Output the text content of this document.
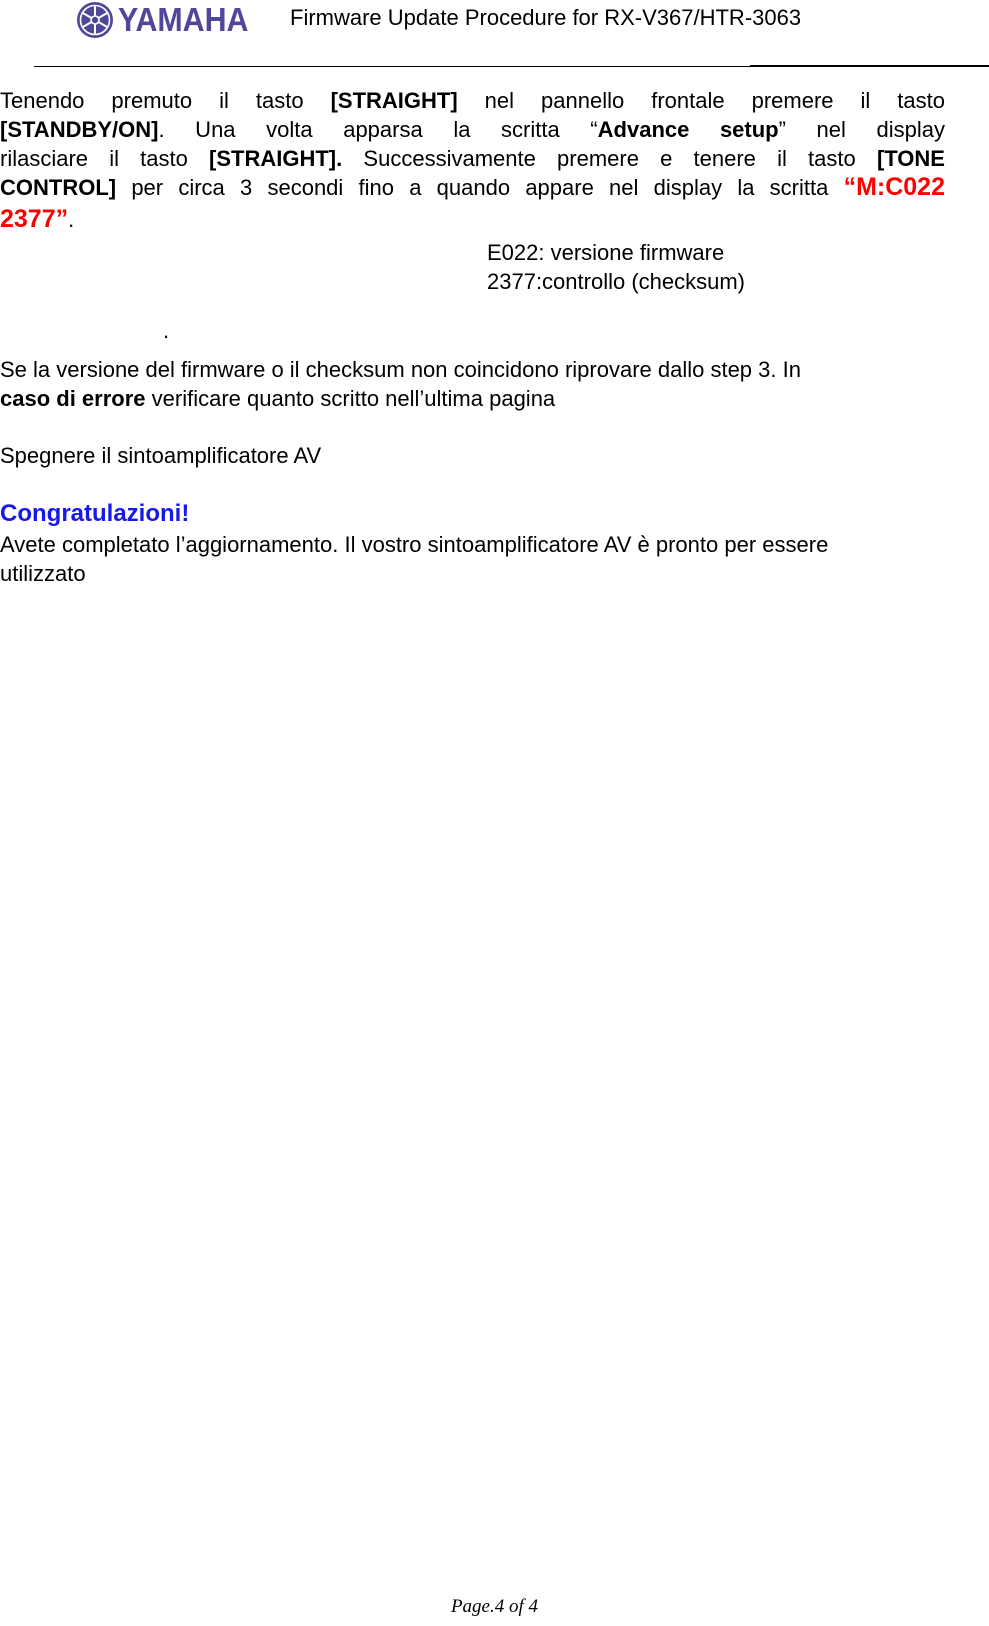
YAMAHA Firmware Update Procedure for RX-V367/HTR-3063
Tenendo premuto il tasto [STRAIGHT] nel pannello frontale premere il tasto
[STANDBY/ON]. Una volta apparsa la scritta “Advance setup” nel display
rilasciare il tasto [STRAIGHT]. Successivamente premere e tenere il tasto [TONE
CONTROL] per circa 3 secondi fino a quando appare nel display la scritta “M:C022
2377”.
E022: versione firmware
2377:controllo (checksum)
.
Se la versione del firmware o il checksum non coincidono riprovare dallo step 3. In
caso di errore verificare quanto scritto nell’ultima pagina
Spegnere il sintoamplificatore AV
Congratulazioni!
Avete completato l’aggiornamento. Il vostro sintoamplificatore AV è pronto per essere
utilizzato
Page.4 of 4
